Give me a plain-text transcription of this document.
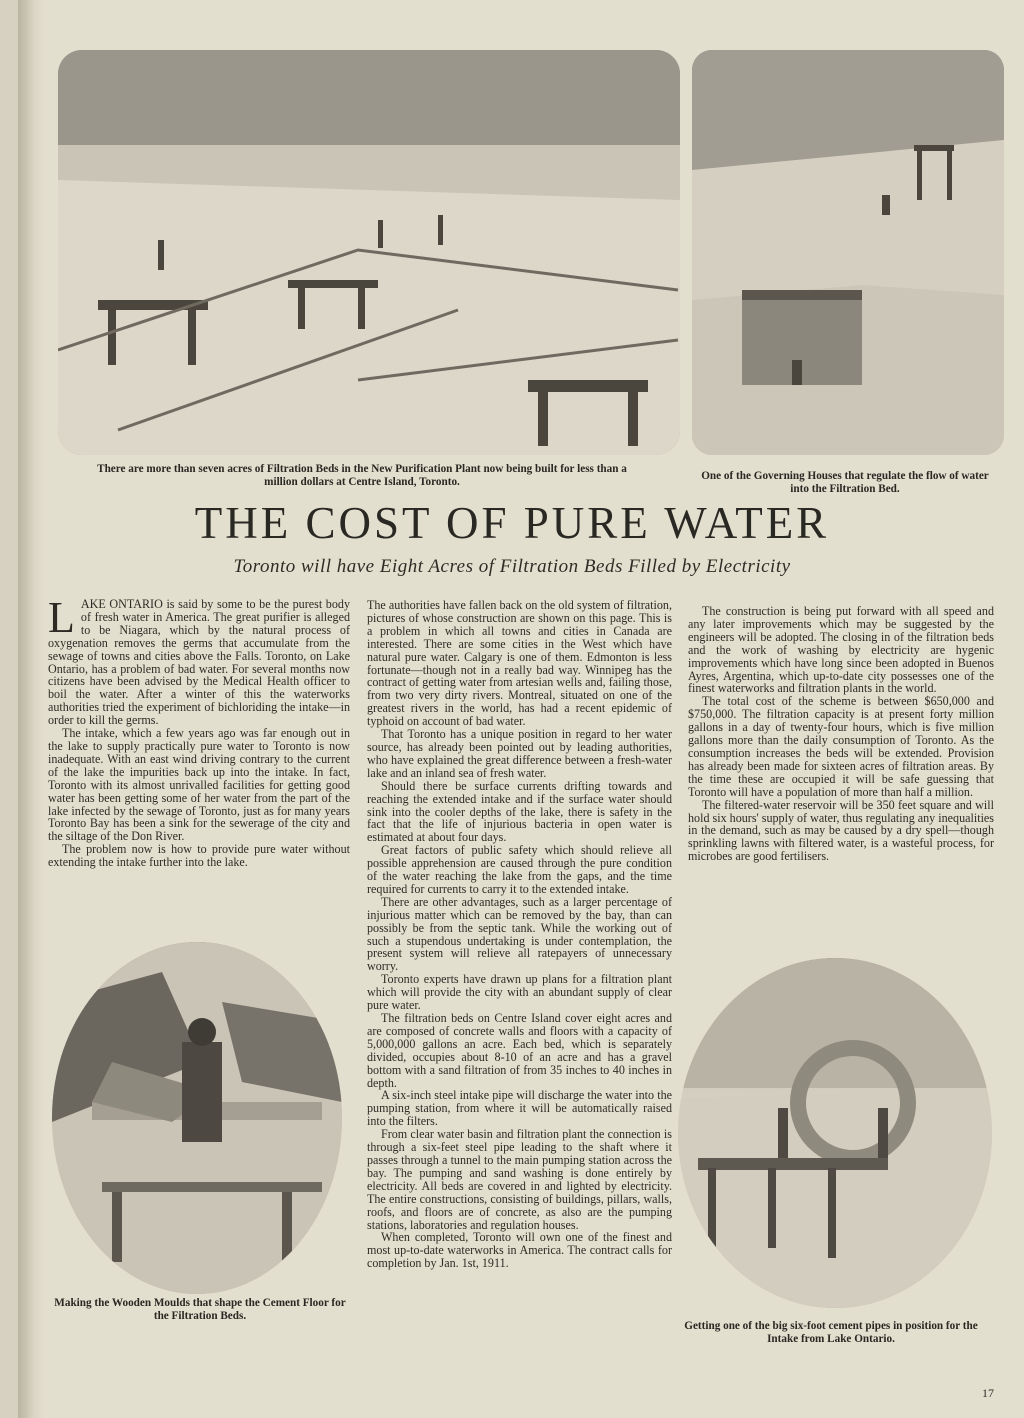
There are more than seven acres of Filtration Beds in the New Purification Plant now being built for less than a million dollars at Centre Island, Toronto.	One of the Governing Houses that regulate the flow of water into the Filtration Bed.
THE COST OF PURE WATER
Toronto will have Eight Acres of Filtration Beds Filled by Electricity

LAKE ONTARIO is said by some to be the purest body of fresh water in America. The great purifier is alleged to be Niagara, which by the natural process of oxygenation removes the germs that accumulate from the sewage of towns and cities above the Falls. Toronto, on Lake Ontario, has a problem of bad water. For several months now citizens have been advised by the Medical Health officer to boil the water. After a winter of this the waterworks authorities tried the experiment of bichloriding the intake—in order to kill the germs.

The intake, which a few years ago was far enough out in the lake to supply practically pure water to Toronto is now inadequate. With an east wind driving contrary to the current of the lake the impurities back up into the intake. In fact, Toronto with its almost unrivalled facilities for getting good water has been getting some of her water from the part of the lake infected by the sewage of Toronto, just as for many years Toronto Bay has been a sink for the sewerage of the city and the siltage of the Don River.

The problem now is how to provide pure water without extending the intake further into the lake.

Making the Wooden Moulds that shape the Cement Floor for the Filtration Beds.

The authorities have fallen back on the old system of filtration, pictures of whose construction are shown on this page. This is a problem in which all towns and cities in Canada are interested. There are some cities in the West which have natural pure water. Calgary is one of them. Edmonton is less fortunate—though not in a really bad way. Winnipeg has the contract of getting water from artesian wells and, failing those, from two very dirty rivers. Montreal, situated on one of the greatest rivers in the world, has had a recent epidemic of typhoid on account of bad water.

That Toronto has a unique position in regard to her water source, has already been pointed out by leading authorities, who have explained the great difference between a fresh-water lake and an inland sea of fresh water.

Should there be surface currents drifting towards and reaching the extended intake and if the surface water should sink into the cooler depths of the lake, there is safety in the fact that the life of injurious bacteria in open water is estimated at about four days.

Great factors of public safety which should relieve all possible apprehension are caused through the pure condition of the water reaching the lake from the gaps, and the time required for currents to carry it to the extended intake.

There are other advantages, such as a larger percentage of injurious matter which can be removed by the bay, than can possibly be from the septic tank. While the working out of such a stupendous undertaking is under contemplation, the present system will relieve all ratepayers of unnecessary worry.

Toronto experts have drawn up plans for a filtration plant which will provide the city with an abundant supply of clear pure water.

The filtration beds on Centre Island cover eight acres and are composed of concrete walls and floors with a capacity of 5,000,000 gallons an acre. Each bed, which is separately divided, occupies about 8-10 of an acre and has a gravel bottom with a sand filtration of from 35 inches to 40 inches in depth.

A six-inch steel intake pipe will discharge the water into the pumping station, from where it will be automatically raised into the filters.

From clear water basin and filtration plant the connection is through a six-feet steel pipe leading to the shaft where it passes through a tunnel to the main pumping station across the bay. The pumping and sand washing is done entirely by electricity. All beds are covered in and lighted by electricity. The entire constructions, consisting of buildings, pillars, walls, roofs, and floors are of concrete, as also are the pumping stations, laboratories and regulation houses.

When completed, Toronto will own one of the finest and most up-to-date waterworks in America. The contract calls for completion by Jan. 1st, 1911.

The construction is being put forward with all speed and any later improvements which may be suggested by the engineers will be adopted. The closing in of the filtration beds and the work of washing by electricity are hygenic improvements which have long since been adopted in Buenos Ayres, Argentina, which up-to-date city possesses one of the finest waterworks and filtration plants in the world.

The total cost of the scheme is between $650,000 and $750,000. The filtration capacity is at present forty million gallons in a day of twenty-four hours, which is five million gallons more than the daily consumption of Toronto. As the consumption increases the beds will be extended. Provision has already been made for sixteen acres of filtration areas. By the time these are occupied it will be safe guessing that Toronto will have a population of more than half a million.

The filtered-water reservoir will be 350 feet square and will hold six hours' supply of water, thus regulating any inequalities in the demand, such as may be caused by a dry spell—though sprinkling lawns with filtered water, is a wasteful process, for microbes are good fertilisers.

Getting one of the big six-foot cement pipes in position for the Intake from Lake Ontario.
17
